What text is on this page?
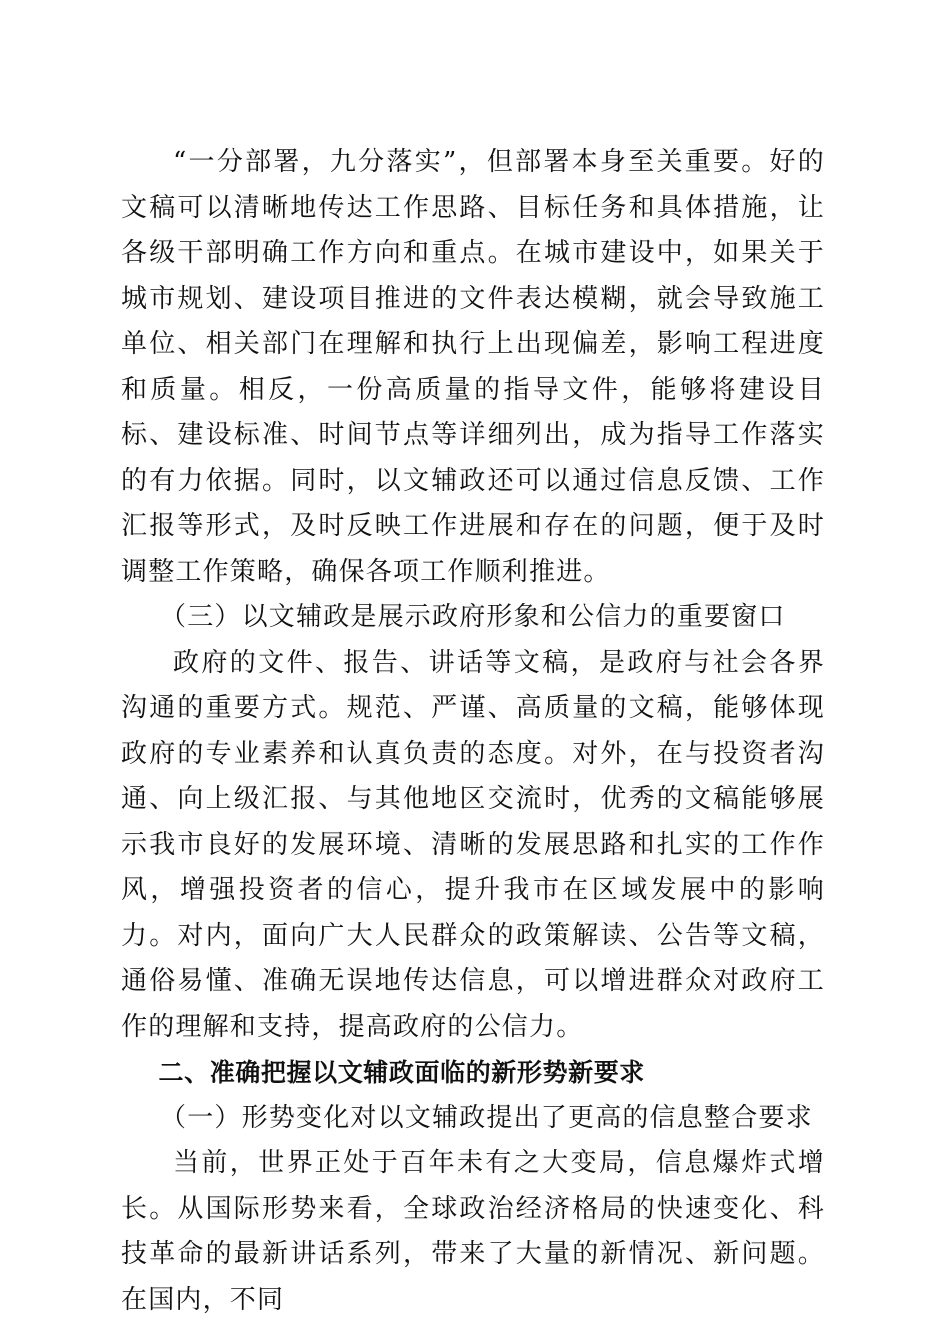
“一分部署，九分落实”，但部署本身至关重要。好的文稿可以清晰地传达工作思路、目标任务和具体措施，让各级干部明确工作方向和重点。在城市建设中，如果关于城市规划、建设项目推进的文件表达模糊，就会导致施工单位、相关部门在理解和执行上出现偏差，影响工程进度和质量。相反，一份高质量的指导文件，能够将建设目标、建设标准、时间节点等详细列出，成为指导工作落实的有力依据。同时，以文辅政还可以通过信息反馈、工作汇报等形式，及时反映工作进展和存在的问题，便于及时调整工作策略，确保各项工作顺利推进。

（三）以文辅政是展示政府形象和公信力的重要窗口

政府的文件、报告、讲话等文稿，是政府与社会各界沟通的重要方式。规范、严谨、高质量的文稿，能够体现政府的专业素养和认真负责的态度。对外，在与投资者沟通、向上级汇报、与其他地区交流时，优秀的文稿能够展示我市良好的发展环境、清晰的发展思路和扎实的工作作风，增强投资者的信心，提升我市在区域发展中的影响力。对内，面向广大人民群众的政策解读、公告等文稿，通俗易懂、准确无误地传达信息，可以增进群众对政府工作的理解和支持，提高政府的公信力。

二、准确把握以文辅政面临的新形势新要求

（一）形势变化对以文辅政提出了更高的信息整合要求

当前，世界正处于百年未有之大变局，信息爆炸式增长。从国际形势来看，全球政治经济格局的快速变化、科技革命的最新讲话系列，带来了大量的新情况、新问题。在国内，不同
